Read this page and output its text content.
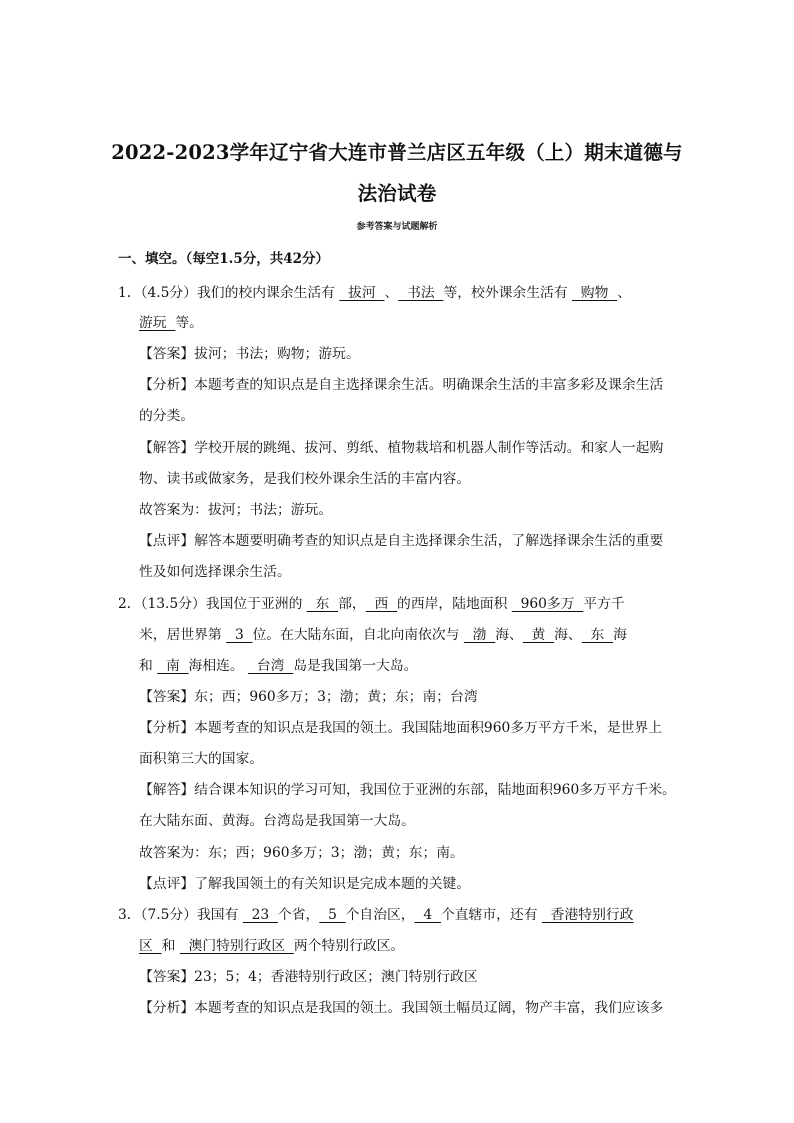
2022-2023学年辽宁省大连市普兰店区五年级（上）期末道德与
法治试卷
参考答案与试题解析
一、填空。（每空1.5分，共42分）
1．（4.5分）我们的校内课余生活有   拔河  、  书法  等，校外课余生活有   购物  、
游玩  等。
【答案】拔河；书法；购物；游玩。
【分析】本题考查的知识点是自主选择课余生活。明确课余生活的丰富多彩及课余生活
的分类。
【解答】学校开展的跳绳、拔河、剪纸、植物栽培和机器人制作等活动。和家人一起购
物、读书或做家务，是我们校外课余生活的丰富内容。
故答案为：拔河；书法；游玩。
【点评】解答本题要明确考查的知识点是自主选择课余生活，了解选择课余生活的重要
性及如何选择课余生活。
2．（13.5分）我国位于亚洲的   东  部，  西  的西岸，陆地面积   960多万  平方千
米，居世界第   3  位。在大陆东面，自北向南依次与   渤  海、  黄  海、  东  海
和   南  海相连。   台湾  岛是我国第一大岛。
【答案】东；西；960多万；3；渤；黄；东；南；台湾
【分析】本题考查的知识点是我国的领土。我国陆地面积960多万平方千米，是世界上
面积第三大的国家。
【解答】结合课本知识的学习可知，我国位于亚洲的东部，陆地面积960多万平方千米。
在大陆东面、黄海。台湾岛是我国第一大岛。
故答案为：东；西；960多万；3；渤；黄；东；南。
【点评】了解我国领土的有关知识是完成本题的关键。
3．（7.5分）我国有   23  个省，  5  个自治区，  4  个直辖市，还有   香港特别行政
区  和   澳门特别行政区  两个特别行政区。
【答案】23；5；4；香港特别行政区；澳门特别行政区
【分析】本题考查的知识点是我国的领土。我国领土幅员辽阔，物产丰富，我们应该多
